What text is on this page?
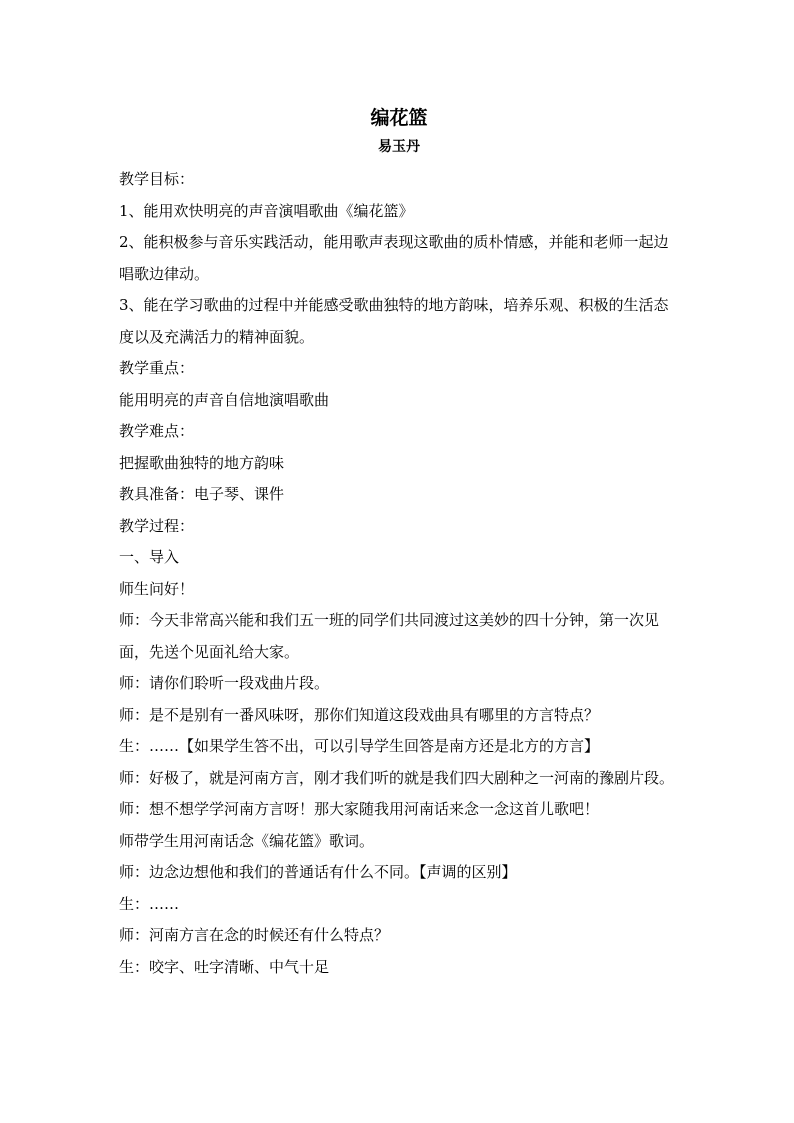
编花篮
易玉丹

教学目标：

1、能用欢快明亮的声音演唱歌曲《编花篮》

2、能积极参与音乐实践活动，能用歌声表现这歌曲的质朴情感，并能和老师一起边唱歌边律动。

3、能在学习歌曲的过程中并能感受歌曲独特的地方韵味，培养乐观、积极的生活态度以及充满活力的精神面貌。

教学重点：

能用明亮的声音自信地演唱歌曲

教学难点：

把握歌曲独特的地方韵味

教具准备：电子琴、课件

教学过程：

一、导入

师生问好！

师：今天非常高兴能和我们五一班的同学们共同渡过这美妙的四十分钟，第一次见面，先送个见面礼给大家。

师：请你们聆听一段戏曲片段。

师：是不是别有一番风味呀，那你们知道这段戏曲具有哪里的方言特点？

生：……【如果学生答不出，可以引导学生回答是南方还是北方的方言】

师：好极了，就是河南方言，刚才我们听的就是我们四大剧种之一河南的豫剧片段。

师：想不想学学河南方言呀！那大家随我用河南话来念一念这首儿歌吧！

师带学生用河南话念《编花篮》歌词。

师：边念边想他和我们的普通话有什么不同。【声调的区别】

生：……

师：河南方言在念的时候还有什么特点？

生：咬字、吐字清晰、中气十足
